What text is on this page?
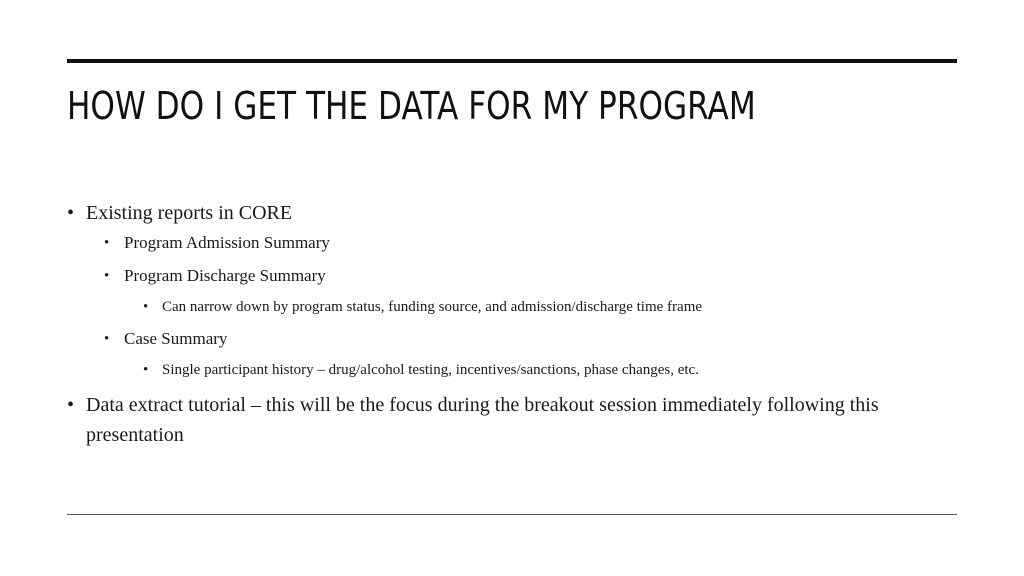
HOW DO I GET THE DATA FOR MY PROGRAM
• Existing reports in CORE
• Program Admission Summary
• Program Discharge Summary
• Can narrow down by program status, funding source, and admission/discharge time frame
• Case Summary
• Single participant history – drug/alcohol testing, incentives/sanctions, phase changes, etc.
• Data extract tutorial – this will be the focus during the breakout session immediately following this presentation
